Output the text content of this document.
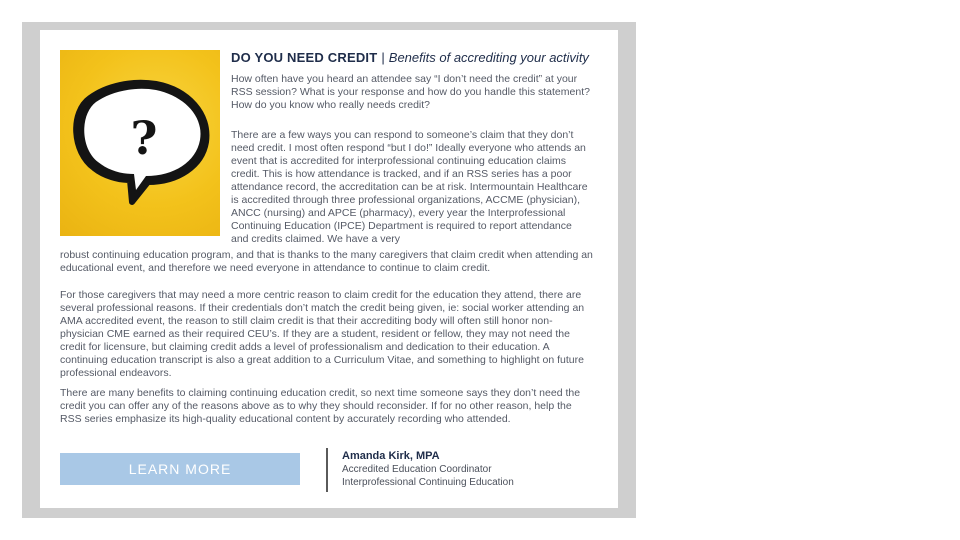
?
DO YOU NEED CREDIT | Benefits of accrediting your activity

How often have you heard an attendee say “I don’t need the credit” at your RSS session? What is your response and how do you handle this statement? How do you know who really needs credit?

There are a few ways you can respond to someone’s claim that they don’t need credit. I most often respond “but I do!” Ideally everyone who attends an event that is accredited for interprofessional continuing education claims credit. This is how attendance is tracked, and if an RSS series has a poor attendance record, the accreditation can be at risk. Intermountain Healthcare is accredited through three professional organizations, ACCME (physician), ANCC (nursing) and APCE (pharmacy), every year the Interprofessional Continuing Education (IPCE) Department is required to report attendance and credits claimed. We have a very

robust continuing education program, and that is thanks to the many caregivers that claim credit when attending an educational event, and therefore we need everyone in attendance to continue to claim credit.

For those caregivers that may need a more centric reason to claim credit for the education they attend, there are several professional reasons. If their credentials don’t match the credit being given, ie: social worker attending an AMA accredited event, the reason to still claim credit is that their accrediting body will often still honor non-physician CME earned as their required CEU’s. If they are a student, resident or fellow, they may not need the credit for licensure, but claiming credit adds a level of professionalism and dedication to their education. A continuing education transcript is also a great addition to a Curriculum Vitae, and something to highlight on future professional endeavors.

There are many benefits to claiming continuing education credit, so next time someone says they don’t need the credit you can offer any of the reasons above as to why they should reconsider. If for no other reason, help the RSS series emphasize its high-quality educational content by accurately recording who attended.

LEARN MORE
Amanda Kirk, MPA
Accredited Education Coordinator
Interprofessional Continuing Education
